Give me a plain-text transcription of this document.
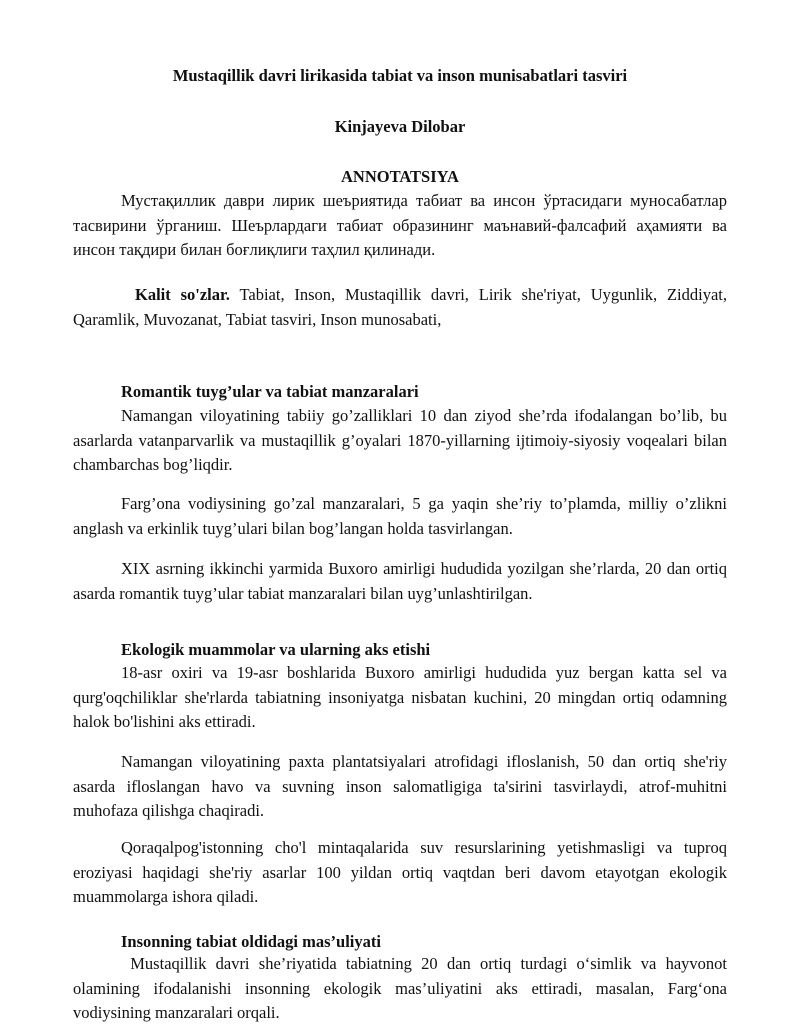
Mustaqillik davri lirikasida tabiat va inson munisabatlari tasviri
Kinjayeva Dilobar
ANNOTATSIYA
Мустақиллик даври лирик шеъриятида табиат ва инсон ўртасидаги муносабатлар тасвирини ўрганиш. Шеърлардаги табиат образининг маънавий-фалсафий аҳамияти ва инсон тақдири билан боғлиқлиги таҳлил қилинади.
Kalit so'zlar. Tabiat, Inson, Mustaqillik davri, Lirik she'riyat, Uygunlik, Ziddiyat, Qaramlik, Muvozanat, Tabiat tasviri, Inson munosabati,
Romantik tuyg’ular va tabiat manzaralari
Namangan viloyatining tabiiy go’zalliklari 10 dan ziyod she’rda ifodalangan bo’lib, bu asarlarda vatanparvarlik va mustaqillik g’oyalari 1870-yillarning ijtimoiy-siyosiy voqealari bilan chambarchas bog’liqdir.
Farg’ona vodiysining go’zal manzaralari, 5 ga yaqin she’riy to’plamda, milliy o’zlikni anglash va erkinlik tuyg’ulari bilan bog’langan holda tasvirlangan.
XIX asrning ikkinchi yarmida Buxoro amirligi hududida yozilgan she’rlarda, 20 dan ortiq asarda romantik tuyg’ular tabiat manzaralari bilan uyg’unlashtirilgan.
Ekologik muammolar va ularning aks etishi
18-asr oxiri va 19-asr boshlarida Buxoro amirligi hududida yuz bergan katta sel va qurg'oqchiliklar she'rlarda tabiatning insoniyatga nisbatan kuchini, 20 mingdan ortiq odamning halok bo'lishini aks ettiradi.
Namangan viloyatining paxta plantatsiyalari atrofidagi ifloslanish, 50 dan ortiq she'riy asarda ifloslangan havo va suvning inson salomatligiga ta'sirini tasvirlaydi, atrof-muhitni muhofaza qilishga chaqiradi.
Qoraqalpog'istonning cho'l mintaqalarida suv resurslarining yetishmasligi va tuproq eroziyasi haqidagi she'riy asarlar 100 yildan ortiq vaqtdan beri davom etayotgan ekologik muammolarga ishora qiladi.
Insonning tabiat oldidagi mas’uliyati
Mustaqillik davri she’riyatida tabiatning 20 dan ortiq turdagi o‘simlik va hayvonot olamining ifodalanishi insonning ekologik mas’uliyatini aks ettiradi, masalan, Farg‘ona vodiysining manzaralari orqali.
